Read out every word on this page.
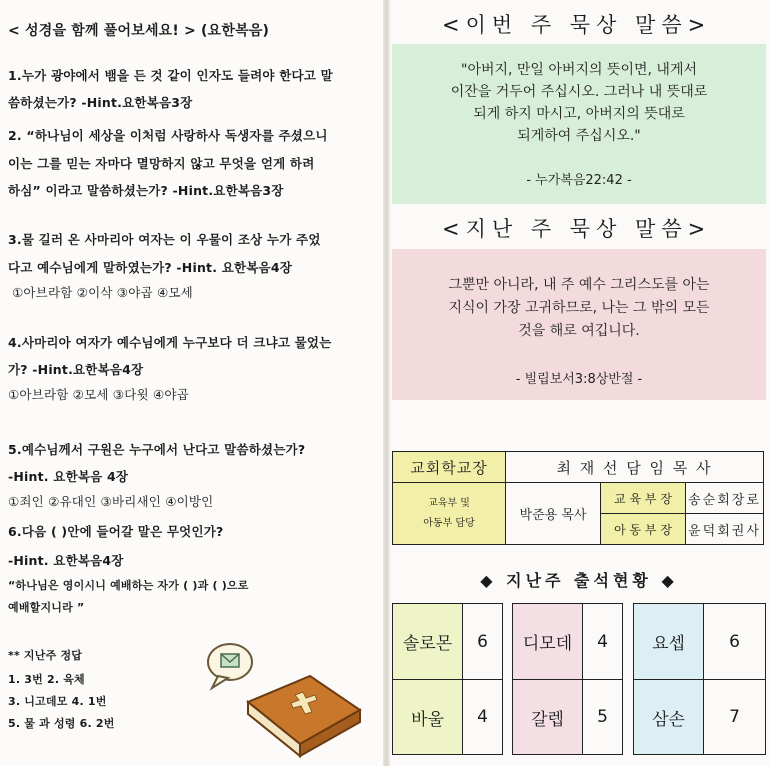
< 성경을 함께 풀어보세요! > (요한복음)
1.누가 광야에서 뱀을 든 것 같이 인자도 들려야 한다고 말
씀하셨는가? -Hint.요한복음3장
2. “하나님이 세상을 이처럼 사랑하사 독생자를 주셨으니
이는 그를 믿는 자마다 멸망하지 않고 무엇을 얻게 하려
하심” 이라고 말씀하셨는가? -Hint.요한복음3장
3.물 길러 온 사마리아 여자는 이 우물이 조상 누가 주었
다고 예수님에게 말하였는가? -Hint. 요한복음4장
①아브라함 ②이삭 ③야곱 ④모세
4.사마리아 여자가 예수님에게 누구보다 더 크냐고 물었는
가? -Hint.요한복음4장
①아브라함 ②모세 ③다윗 ④야곱
5.예수님께서 구원은 누구에서 난다고 말씀하셨는가?
-Hint. 요한복음 4장
①죄인 ②유대인 ③바리새인 ④이방인
6.다음 ( )안에 들어갈 말은 무엇인가?
-Hint. 요한복음4장
“하나님은 영이시니 예배하는 자가 ( )과 ( )으로
예배할지니라 ”
** 지난주 정답
1. 3번 2. 육체
3. 니고데모 4. 1번
5. 물 과 성령 6. 2번
<이번 주 묵상 말씀>
"아버지, 만일 아버지의 뜻이면, 내게서
이잔을 거두어 주십시오. 그러나 내 뜻대로
되게 하지 마시고, 아버지의 뜻대로
되게하여 주십시오."
- 누가복음22:42 -
<지난 주 묵상 말씀>
그뿐만 아니라, 내 주 예수 그리스도를 아는
지식이 가장 고귀하므로, 나는 그 밖의 모든
것을 해로 여깁니다.
- 빌립보서3:8상반절 -
교회학교장	최 재 선 담 임 목 사		
교육부 및
아동부 담당	박준용 목사	교 육 부 장	송순회장로
		아 동 부 장	윤덕회권사
◆ 지난주 출석현황 ◆
솔로몬	6
바울	4
디모데	4
갈렙	5
요셉	6
삼손	7
